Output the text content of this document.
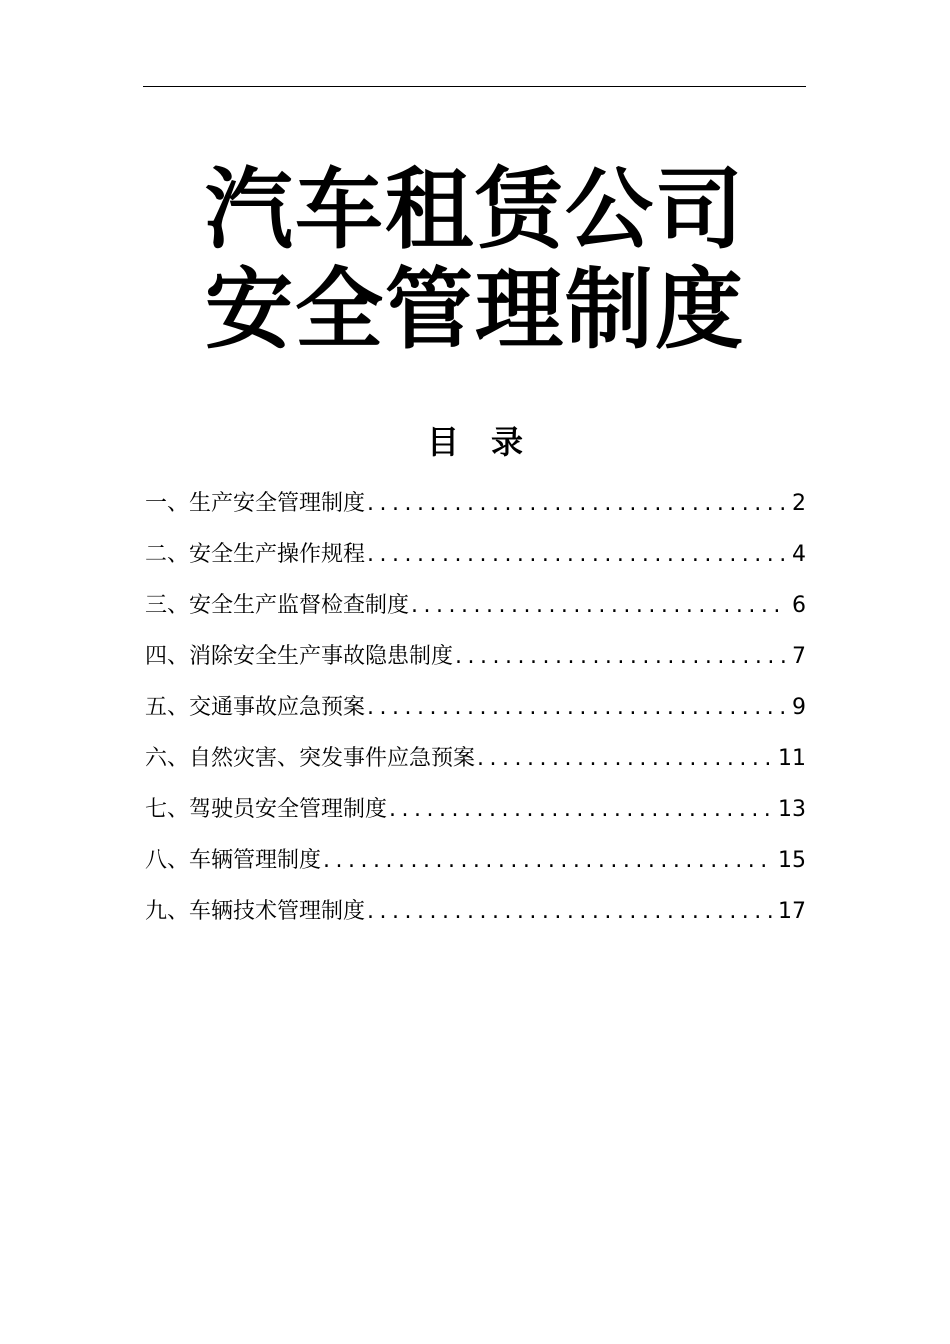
汽车租赁公司
安全管理制度
目　录
一、生产安全管理制度 .....	2
二、安全生产操作规程 .....	4
三、安全生产监督检查制度 .....	6
四、消除安全生产事故隐患制度 .....	7
五、交通事故应急预案 .....	9
六、自然灾害、突发事件应急预案 .....	11
七、驾驶员安全管理制度 .....	13
八、车辆管理制度 .....	15
九、车辆技术管理制度 .....	17
